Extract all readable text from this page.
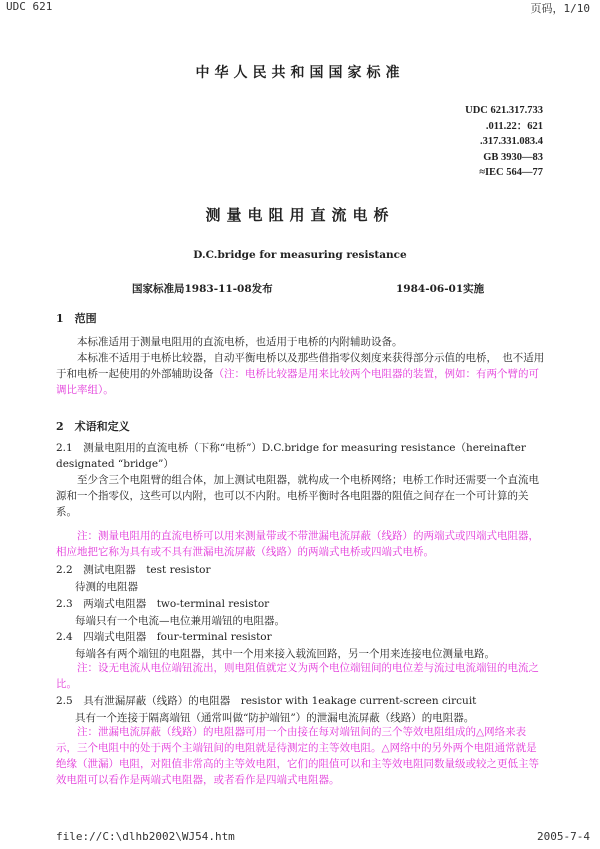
UDC 621	页码，1/10
中华人民共和国国家标准
UDC 621.317.733
.011.22：621
.317.331.083.4
GB 3930—83
≈IEC 564—77
测量电阻用直流电桥
D.C.bridge for measuring resistance
国家标准局1983-11-08发布	1984-06-01实施
1　范围

本标准适用于测量电阻用的直流电桥，也适用于电桥的内附辅助设备。

本标准不适用于电桥比较器，自动平衡电桥以及那些借指零仪刻度来获得部分示值的电桥，　也不适用于和电桥一起使用的外部辅助设备（注：电桥比较器是用来比较两个电阻器的装置，例如：有两个臂的可调比率组）。

2　术语和定义

2.1　测量电阻用的直流电桥（下称“电桥”）D.C.bridge for measuring resistance（hereinafter designated “bridge”）

至少含三个电阻臂的组合体，加上测试电阻器，就构成一个电桥网络；电桥工作时还需要一个直流电源和一个指零仪，这些可以内附，也可以不内附。电桥平衡时各电阻器的阻值之间存在一个可计算的关系。

注：测量电阻用的直流电桥可以用来测量带或不带泄漏电流屏蔽（线路）的两端式或四端式电阻器，相应地把它称为具有或不具有泄漏电流屏蔽（线路）的两端式电桥或四端式电桥。

2.2　测试电阻器　test resistor
待测的电阻器
2.3　两端式电阻器　two-terminal resistor
每端只有一个电流—电位兼用端钮的电阻器。
2.4　四端式电阻器　four-terminal resistor
每端各有两个端钮的电阻器，其中一个用来接入载流回路，另一个用来连接电位测量电路。

注：设无电流从电位端钮流出，则电阻值就定义为两个电位端钮间的电位差与流过电流端钮的电流之比。

2.5　具有泄漏屏蔽（线路）的电阻器　resistor with 1eakage current-screen circuit
具有一个连接于隔离端钮（通常叫做“防护端钮”）的泄漏电流屏蔽（线路）的电阻器。

注：泄漏电流屏蔽（线路）的电阻器可用一个由接在每对端钮间的三个等效电阻组成的△网络来表示，三个电阻中的处于两个主端钮间的电阻就是待测定的主等效电阻。△网络中的另外两个电阻通常就是绝缘（泄漏）电阻，对阻值非常高的主等效电阻，它们的阻值可以和主等效电阻同数量级或较之更低主等效电阻可以看作是两端式电阻器，或者看作是四端式电阻器。

file://C:\dlhb2002\WJ54.htm	2005-7-4
